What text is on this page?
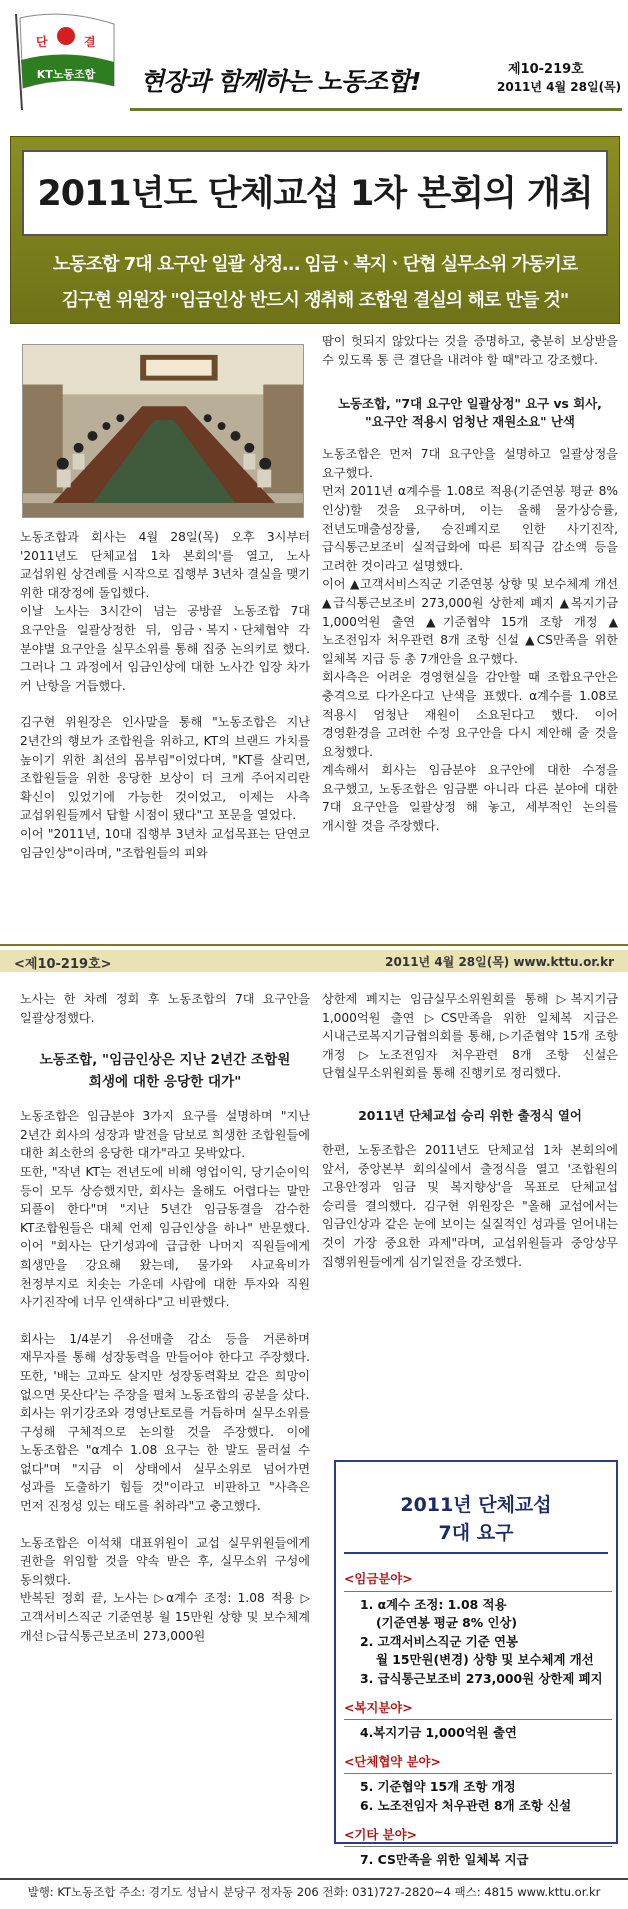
단	결
KT노동조합 현장과 함께하는 노동조합!	제10-219호
2011년 4월 28일(목)
2011년도 단체교섭 1차 본회의 개최
노동조합 7대 요구안 일괄 상정… 임금ㆍ복지ㆍ단협 실무소위 가동키로
김구현 위원장 "임금인상 반드시 쟁취해 조합원 결실의 해로 만들 것"

노동조합과 회사는 4월 28일(목) 오후 3시부터 '2011년도 단체교섭 1차 본회의'를 열고, 노사 교섭위원 상견례를 시작으로 집행부 3년차 결실을 맺기 위한 대장정에 돌입했다.

이날 노사는 3시간이 넘는 공방끝 노동조합 7대 요구안을 일괄상정한 뒤, 임금ㆍ복지ㆍ단체협약 각 분야별 요구안을 실무소위를 통해 집중 논의키로 했다. 그러나 그 과정에서 임금인상에 대한 노사간 입장 차가 커 난항을 거듭했다.

김구현 위원장은 인사말을 통해 "노동조합은 지난 2년간의 행보가 조합원을 위하고, KT의 브랜드 가치를 높이기 위한 최선의 몸부림"이었다며, "KT를 살리면, 조합원들을 위한 응당한 보상이 더 크게 주어지리란 확신이 있었기에 가능한 것이었고, 이제는 사측 교섭위원들께서 답할 시점이 됐다"고 포문을 열었다.

이어 "2011년, 10대 집행부 3년차 교섭목표는 단연코 임금인상"이라며, "조합원들의 피와

땀이 헛되지 않았다는 것을 증명하고, 충분히 보상받을 수 있도록 통 큰 결단을 내려야 할 때"라고 강조했다.

노동조합, "7대 요구안 일괄상정" 요구 vs 회사, "요구안 적용시 엄청난 재원소요" 난색

노동조합은 먼저 7대 요구안을 설명하고 일괄상정을 요구했다.

먼저 2011년 α계수를 1.08로 적용(기준연봉 평균 8% 인상)할 것을 요구하며, 이는 올해 물가상승률, 전년도매출성장률, 승진폐지로 인한 사기진작, 급식통근보조비 실적급화에 따른 퇴직금 감소액 등을 고려한 것이라고 설명했다.

이어 ▲고객서비스직군 기준연봉 상향 및 보수체계 개선 ▲급식통근보조비 273,000원 상한제 폐지 ▲복지기금 1,000억원 출연 ▲기준협약 15개 조항 개정 ▲노조전임자 처우관련 8개 조항 신설 ▲CS만족을 위한 일체복 지급 등 총 7개안을 요구했다.

회사측은 어려운 경영현실을 감안할 때 조합요구안은 충격으로 다가온다고 난색을 표했다. α계수를 1.08로 적용시 엄청난 재원이 소요된다고 했다. 이어 경영환경을 고려한 수정 요구안을 다시 제안해 줄 것을 요청했다.

계속해서 회사는 임금분야 요구안에 대한 수정을 요구했고, 노동조합은 임금뿐 아니라 다른 분야에 대한 7대 요구안을 일괄상정 해 놓고, 세부적인 논의를 개시할 것을 주장했다.

<제10-219호>	2011년 4월 28일(목) www.kttu.or.kr

노사는 한 차례 정회 후 노동조합의 7대 요구안을 일괄상정했다.

노동조합, "임금인상은 지난 2년간 조합원 희생에 대한 응당한 대가"

노동조합은 임금분야 3가지 요구를 설명하며 "지난 2년간 회사의 성장과 발전을 담보로 희생한 조합원들에 대한 최소한의 응당한 대가"라고 못박았다.

또한, "작년 KT는 전년도에 비해 영업이익, 당기순이익 등이 모두 상승했지만, 회사는 올해도 어렵다는 말만 되풀이 한다"며 "지난 5년간 임금동결을 감수한 KT조합원들은 대체 언제 임금인상을 하나" 반문했다. 이어 "회사는 단기성과에 급급한 나머지 직원들에게 희생만을 강요해 왔는데, 물가와 사교육비가 천정부지로 치솟는 가운데 사람에 대한 투자와 직원 사기진작에 너무 인색하다"고 비판했다.

회사는 1/4분기 유선매출 감소 등을 거론하며 재무자를 통해 성장동력을 만들어야 한다고 주장했다. 또한, '배는 고파도 살지만 성장동력확보 같은 희망이 없으면 못산다'는 주장을 펼쳐 노동조합의 공분을 샀다.

회사는 위기강조와 경영난토로를 거듭하며 실무소위를 구성해 구체적으로 논의할 것을 주장했다. 이에 노동조합은 "α계수 1.08 요구는 한 발도 물러설 수 없다"며 "지금 이 상태에서 실무소위로 넘어가면 성과를 도출하기 힘들 것"이라고 비판하고 "사측은 먼저 진정성 있는 태도를 취하라"고 충고했다.

노동조합은 이석채 대표위원이 교섭 실무위원들에게 권한을 위임할 것을 약속 받은 후, 실무소위 구성에 동의했다.

반복된 정회 끝, 노사는 ▷α계수 조정: 1.08 적용 ▷고객서비스직군 기준연봉 월 15만원 상향 및 보수체계 개선 ▷급식통근보조비 273,000원

상한제 폐지는 임금실무소위원회를 통해 ▷복지기금 1,000억원 출연 ▷CS만족을 위한 일체복 지급은 시내근로복지기금협의회를 통해, ▷기준협약 15개 조항 개정 ▷노조전임자 처우관련 8개 조항 신설은 단협실무소위원회를 통해 진행키로 정리했다.

2011년 단체교섭 승리 위한 출정식 열어

한편, 노동조합은 2011년도 단체교섭 1차 본회의에 앞서, 중앙본부 회의실에서 출정식을 열고 '조합원의 고용안정과 임금 및 복지향상'을 목표로 단체교섭 승리를 결의했다. 김구현 위원장은 "올해 교섭에서는 임금인상과 같은 눈에 보이는 실질적인 성과를 얻어내는 것이 가장 중요한 과제"라며, 교섭위원들과 중앙상무 집행위원들에게 심기일전을 강조했다.

2011년 단체교섭
7대 요구
<임금분야>
1. α계수 조정: 1.08 적용
(기준연봉 평균 8% 인상)
2. 고객서비스직군 기준 연봉
월 15만원(변경) 상향 및 보수체계 개선
3. 급식통근보조비 273,000원 상한제 폐지
<복지분야>
4.복지기금 1,000억원 출연
<단체협약 분야>
5. 기준협약 15개 조항 개정
6. 노조전임자 처우관련 8개 조항 신설
<기타 분야>
7. CS만족을 위한 일체복 지급
발행: KT노동조합 주소: 경기도 성남시 분당구 정자동 206 전화: 031)727-2820~4 팩스: 4815 www.kttu.or.kr
